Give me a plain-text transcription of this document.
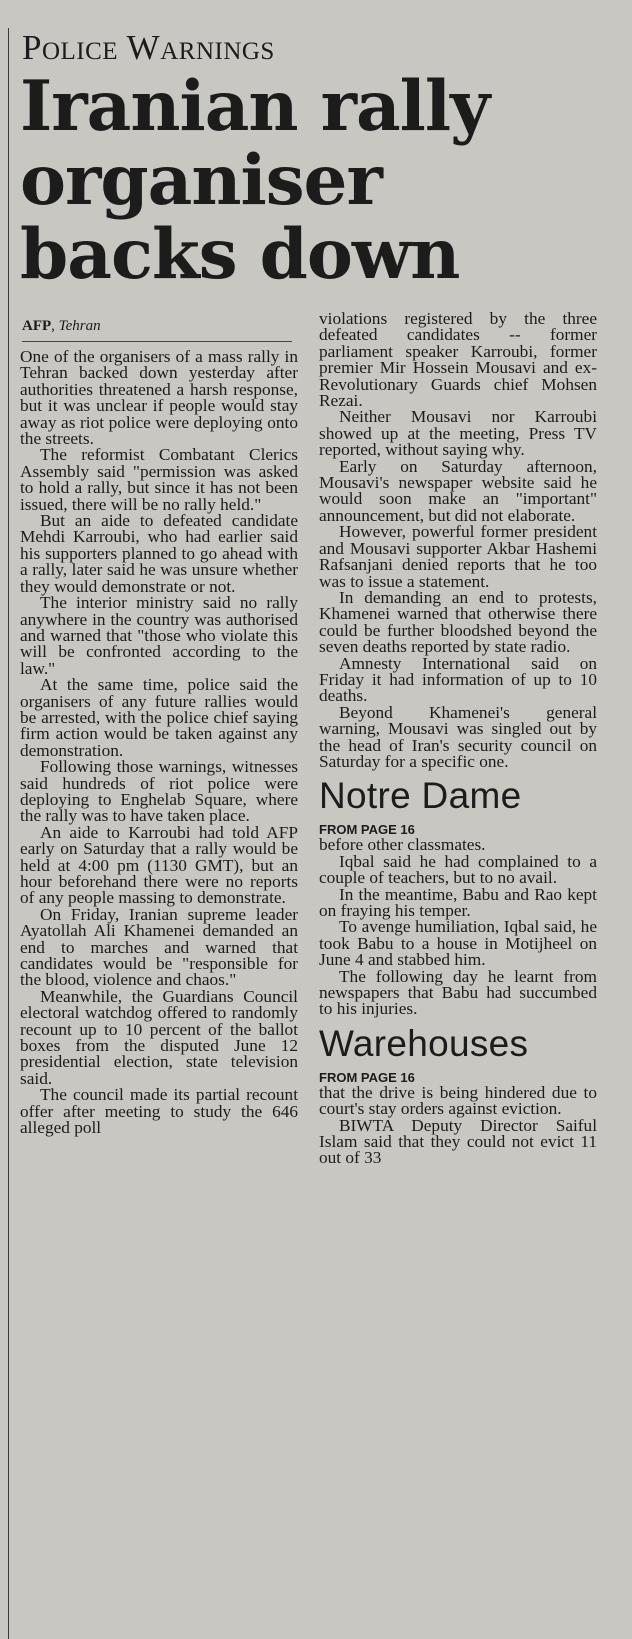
Police Warnings
Iranian rally organiser backs down
AFP, Tehran

One of the organisers of a mass rally in Tehran backed down yesterday after authorities threatened a harsh response, but it was unclear if people would stay away as riot police were deploying onto the streets.

The reformist Combatant Clerics Assembly said "permission was asked to hold a rally, but since it has not been issued, there will be no rally held."

But an aide to defeated candidate Mehdi Karroubi, who had earlier said his supporters planned to go ahead with a rally, later said he was unsure whether they would demonstrate or not.

The interior ministry said no rally anywhere in the country was authorised and warned that "those who violate this will be confronted according to the law."

At the same time, police said the organisers of any future rallies would be arrested, with the police chief saying firm action would be taken against any demonstration.

Following those warnings, witnesses said hundreds of riot police were deploying to Enghelab Square, where the rally was to have taken place.

An aide to Karroubi had told AFP early on Saturday that a rally would be held at 4:00 pm (1130 GMT), but an hour beforehand there were no reports of any people massing to demonstrate.

On Friday, Iranian supreme leader Ayatollah Ali Khamenei demanded an end to marches and warned that candidates would be "responsible for the blood, violence and chaos."

Meanwhile, the Guardians Council electoral watchdog offered to randomly recount up to 10 percent of the ballot boxes from the disputed June 12 presidential election, state television said.

The council made its partial recount offer after meeting to study the 646 alleged poll

violations registered by the three defeated candidates -- former parliament speaker Karroubi, former premier Mir Hossein Mousavi and ex-Revolutionary Guards chief Mohsen Rezai.

Neither Mousavi nor Karroubi showed up at the meeting, Press TV reported, without saying why.

Early on Saturday afternoon, Mousavi's newspaper website said he would soon make an "important" announcement, but did not elaborate.

However, powerful former president and Mousavi supporter Akbar Hashemi Rafsanjani denied reports that he too was to issue a statement.

In demanding an end to protests, Khamenei warned that otherwise there could be further bloodshed beyond the seven deaths reported by state radio.

Amnesty International said on Friday it had information of up to 10 deaths.

Beyond Khamenei's general warning, Mousavi was singled out by the head of Iran's security council on Saturday for a specific one.

Notre Dame
FROM PAGE 16

before other classmates.

Iqbal said he had complained to a couple of teachers, but to no avail.

In the meantime, Babu and Rao kept on fraying his temper.

To avenge humiliation, Iqbal said, he took Babu to a house in Motijheel on June 4 and stabbed him.

The following day he learnt from newspapers that Babu had succumbed to his injuries.

Warehouses
FROM PAGE 16

that the drive is being hindered due to court's stay orders against eviction.

BIWTA Deputy Director Saiful Islam said that they could not evict 11 out of 33
